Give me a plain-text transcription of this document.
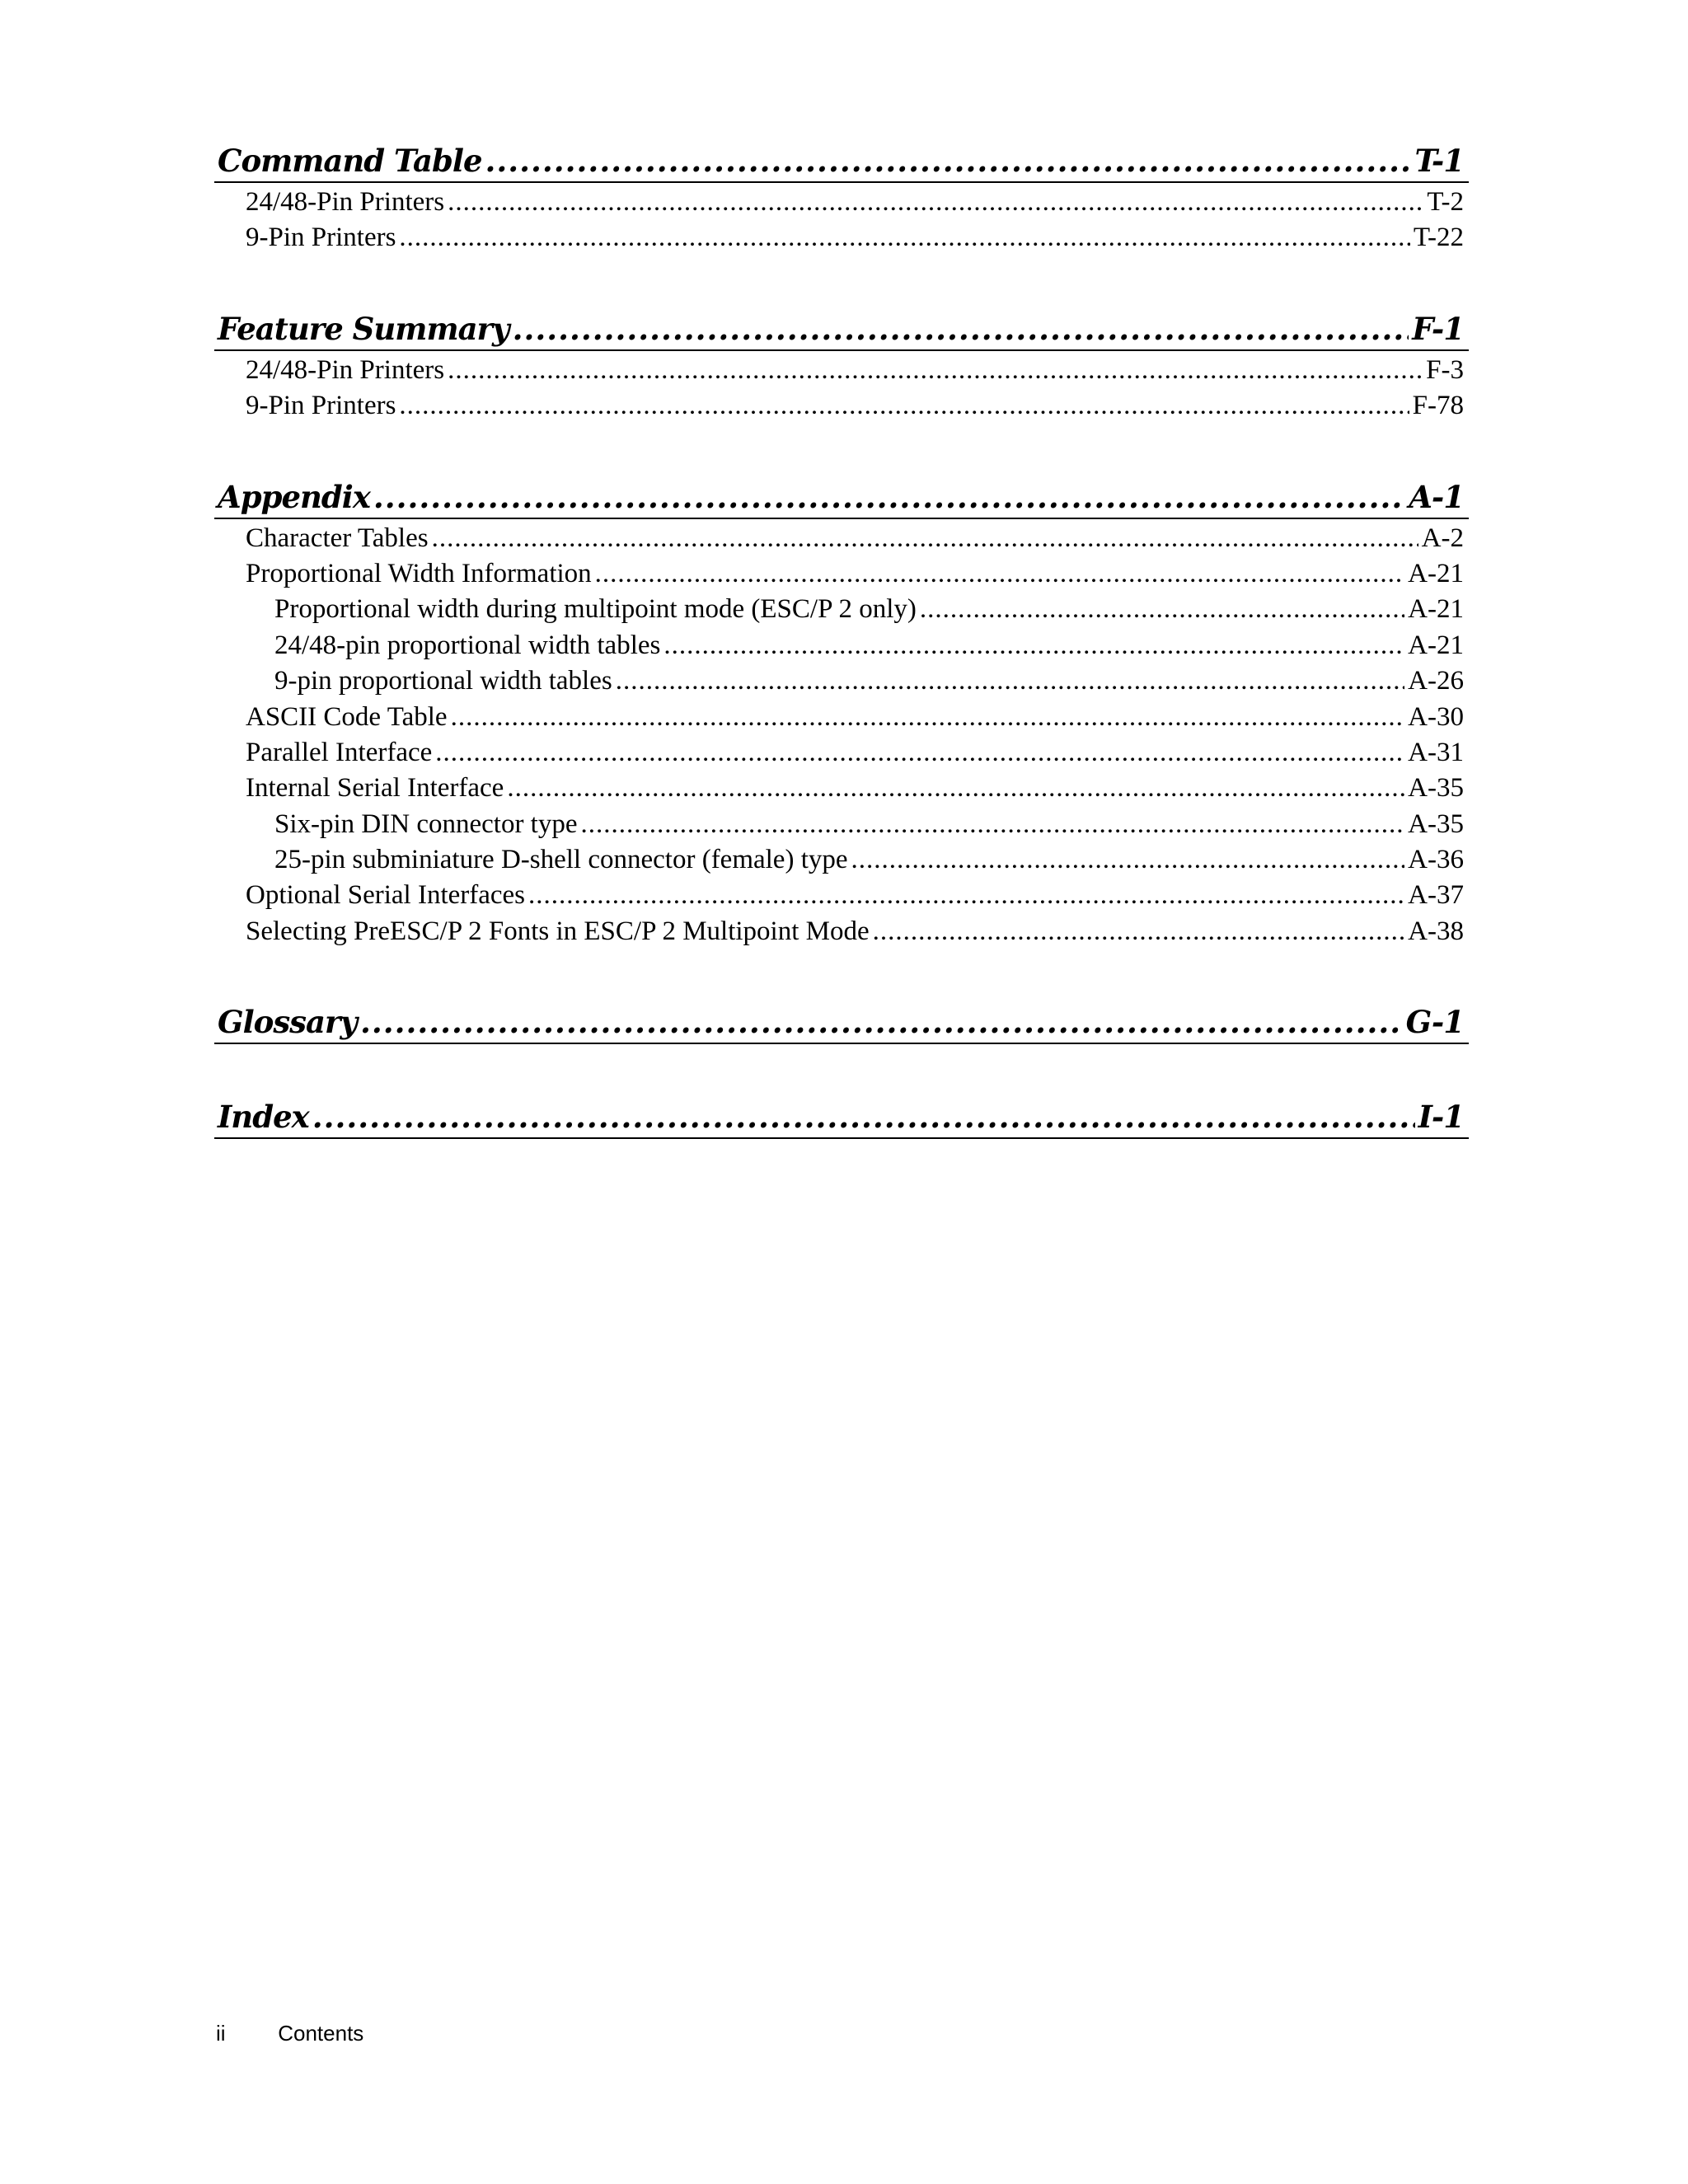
Command Table .....	T-1
24/48-Pin Printers .....	T-2
9-Pin Printers .....	T-22
Feature Summary .....	F-1
24/48-Pin Printers .....	F-3
9-Pin Printers .....	F-78
Appendix .....	A-1
Character Tables .....	A-2
Proportional Width Information .....	A-21
Proportional width during multipoint mode (ESC/P 2 only) .....	A-21
24/48-pin proportional width tables .....	A-21
9-pin proportional width tables .....	A-26
ASCII Code Table .....	A-30
Parallel Interface .....	A-31
Internal Serial Interface .....	A-35
Six-pin DIN connector type .....	A-35
25-pin subminiature D-shell connector (female) type .....	A-36
Optional Serial Interfaces .....	A-37
Selecting PreESC/P 2 Fonts in ESC/P 2 Multipoint Mode .....	A-38
Glossary .....	G-1
Index .....	I-1
ii Contents
